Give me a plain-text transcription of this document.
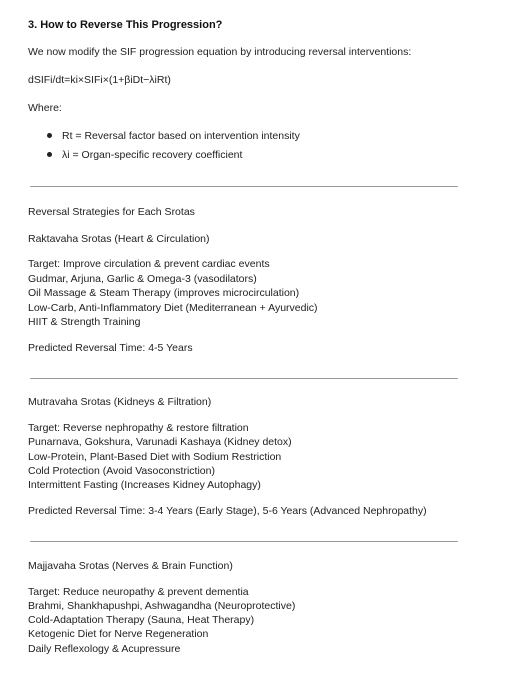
3. How to Reverse This Progression?
We now modify the SIF progression equation by introducing reversal interventions:
dSIFi/dt=ki×SIFi×(1+βiDt−λiRt)
Where:
Rt = Reversal factor based on intervention intensity
λi = Organ-specific recovery coefficient
Reversal Strategies for Each Srotas
Raktavaha Srotas (Heart & Circulation)
Target: Improve circulation & prevent cardiac events
Gudmar, Arjuna, Garlic & Omega-3 (vasodilators)
Oil Massage & Steam Therapy (improves microcirculation)
Low-Carb, Anti-Inflammatory Diet (Mediterranean + Ayurvedic)
HIIT & Strength Training
Predicted Reversal Time: 4-5 Years
Mutravaha Srotas (Kidneys & Filtration)
Target: Reverse nephropathy & restore filtration
Punarnava, Gokshura, Varunadi Kashaya (Kidney detox)
Low-Protein, Plant-Based Diet with Sodium Restriction
Cold Protection (Avoid Vasoconstriction)
Intermittent Fasting (Increases Kidney Autophagy)
Predicted Reversal Time: 3-4 Years (Early Stage), 5-6 Years (Advanced Nephropathy)
Majjavaha Srotas (Nerves & Brain Function)
Target: Reduce neuropathy & prevent dementia
Brahmi, Shankhapushpi, Ashwagandha (Neuroprotective)
Cold-Adaptation Therapy (Sauna, Heat Therapy)
Ketogenic Diet for Nerve Regeneration
Daily Reflexology & Acupressure
